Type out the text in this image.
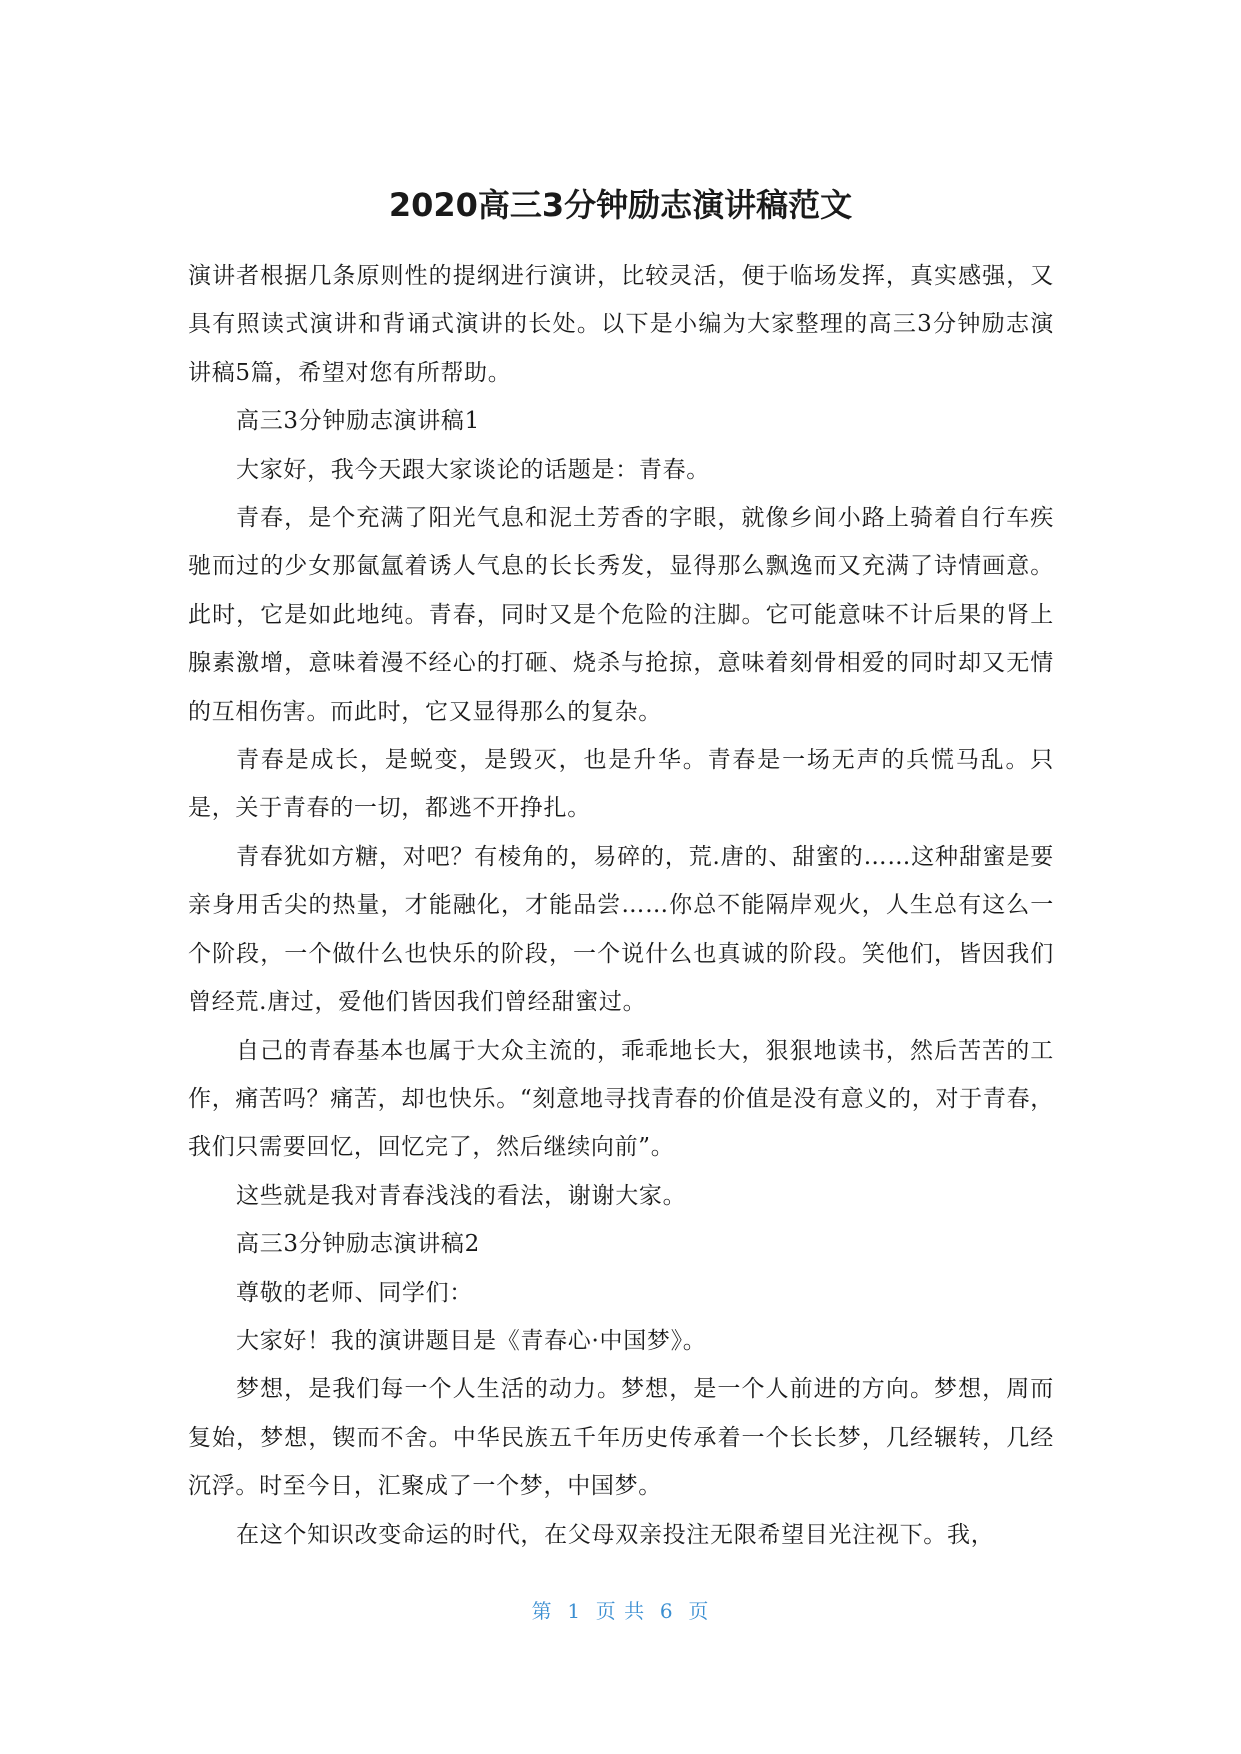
2020高三3分钟励志演讲稿范文

演讲者根据几条原则性的提纲进行演讲，比较灵活，便于临场发挥，真实感强，又具有照读式演讲和背诵式演讲的长处。以下是小编为大家整理的高三3分钟励志演讲稿5篇，希望对您有所帮助。

高三3分钟励志演讲稿1

大家好，我今天跟大家谈论的话题是：青春。

青春，是个充满了阳光气息和泥土芳香的字眼，就像乡间小路上骑着自行车疾驰而过的少女那氤氲着诱人气息的长长秀发，显得那么飘逸而又充满了诗情画意。此时，它是如此地纯。青春，同时又是个危险的注脚。它可能意味不计后果的肾上腺素激增，意味着漫不经心的打砸、烧杀与抢掠，意味着刻骨相爱的同时却又无情的互相伤害。而此时，它又显得那么的复杂。

青春是成长，是蜕变，是毁灭，也是升华。青春是一场无声的兵慌马乱。只是，关于青春的一切，都逃不开挣扎。

青春犹如方糖，对吧？有棱角的，易碎的，荒.唐的、甜蜜的……这种甜蜜是要亲身用舌尖的热量，才能融化，才能品尝……你总不能隔岸观火，人生总有这么一个阶段，一个做什么也快乐的阶段，一个说什么也真诚的阶段。笑他们，皆因我们曾经荒.唐过，爱他们皆因我们曾经甜蜜过。

自己的青春基本也属于大众主流的，乖乖地长大，狠狠地读书，然后苦苦的工作，痛苦吗？痛苦，却也快乐。“刻意地寻找青春的价值是没有意义的，对于青春，我们只需要回忆，回忆完了，然后继续向前”。

这些就是我对青春浅浅的看法，谢谢大家。

高三3分钟励志演讲稿2

尊敬的老师、同学们：

大家好！我的演讲题目是《青春心·中国梦》。

梦想，是我们每一个人生活的动力。梦想，是一个人前进的方向。梦想，周而复始，梦想，锲而不舍。中华民族五千年历史传承着一个长长梦，几经辗转，几经沉浮。时至今日，汇聚成了一个梦，中国梦。

在这个知识改变命运的时代，在父母双亲投注无限希望目光注视下。我，

第  1  页 共  6  页
